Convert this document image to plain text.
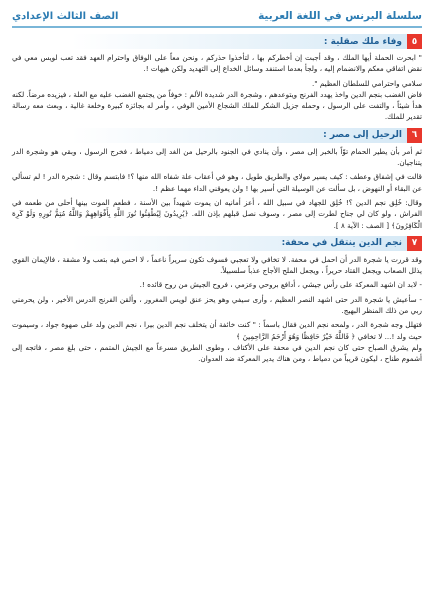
سلسلة البرنس في اللغة العربية
الصف الثالث الإعدادي
٥
وفاء ملك صقلية :

" ابحرت الحملة أيها الملك ، وقد أجبت إن أخطركم بها ، لتأخذوا حذركم ، ونحن معاً على الوفاق واحترام العهد فقد تعب لويس معي في نقض اتفاقي معكم والانضمام إليه ، ولجأ بعدما استنفد وسائل الخداع إلى التهديد ولكن هيهات !.

سلامي واحترامي للسلطان العظيم ".

فاض الغضب بنجم الدين واخذ يهدد الفرنج ويتوعدهم ، وشجرة الدر شديدة الألم : خوفاً من يجتمع الغضب عليه مع العلة ، فيزيده مرضاً. لكنه هدأ شيئاً ، والتفت على الرسول ، وحمله جزيل الشكر للملك الشجاع الأمين الوفي ، وأمر له بجائزة كبيرة وخلعة غالية ، وبعث معه رسالة تقدير للملك.

٦
الرحيل إلى مصر :

ثم أمر بأن يطير الحمام توّاً بالخبر إلى مصر ، وأن ينادي في الجنود بالرحيل من الغد إلى دمياط ، فخرج الرسول ، وبقي هو وشجرة الدر يتناجيان.

قالت في إشفاق وعطف : كيف يسير مولاي والطريق طويل ، وهو في أعقاب علة شفاه الله منها ؟! فابتسم وقال : شجرة الدر ! لم تسألي عن البقاء أو النهوض ، بل سألت عن الوسيلة التي أسير بها ! ولن يعوقني الداء مهما عظم !.

وقال: خُلِق نجم الدين ؟! خُلِق للجهاد في سبيل الله ، أعز أمانيه ان يموت شهيداً بين الأسنة ، فطعم الموت بينها أحلى من طعمه في الفراش ، ولو كان لي جناح لطرت إلى مصر ، وسوف نصل قبلهم بإذن الله. ﴿يُرِيدُونَ لِيُطْفِئُوا نُورَ اللَّهِ بِأَفْوَاهِهِمْ وَاللَّهُ مُتِمُّ نُورِهِ وَلَوْ كَرِهَ الْكَافِرُونَ﴾ [ الصف : الآية ٨ ].

٧
نجم الدين ينتقل في محفة:

وقد قررت يا شجرة الدر أن احمل في محفة. لا تخافي ولا تعجبي فسوف تكون سريراً ناعماً ، لا احس فيه بتعب ولا مشقة ، فالإيمان القوي يذلل الصعاب ويجعل القتاد حريراً ، ويجعل الملح الأجاج عذباً سلسبيلاً.

- لابد ان اشهد المعركة على رأس جيشي ، أدافع بروحي وعزمي ، فروح الجيش من روح قائده !.

- سأعيش يا شجرة الدر حتى اشهد النصر العظيم ، وأرى سيفي وهو يحز عنق لويس المغرور ، وألقن الفرنج الدرس الأخير ، ولن يحرمني ربي من ذلك المنظر البهيج.

فتهلل وجه شجرة الدر ، ولمحه نجم الدين فقال باسماً : " كنت خائفة أن يتخلف نجم الدين بيرا ، نجم الدين ولد على صهوة جواد ، وسيموت حيث ولد !... لا تخافي ﴿ فَاللَّهُ خَيْرٌ حَافِظًا وَهُوَ أَرْحَمُ الرَّاحِمِينَ ﴾

ولم يشرق الصباح حتى كان نجم الدين في محفة على الأكتاف ، وطوى الطريق مسرعاً مع الجيش المتمم ، حتى بلغ مصر ، فاتجه إلى أشموم طناح ، ليكون قريباً من دمياط ، ومن هناك يدير المعركة ضد العدوان.
